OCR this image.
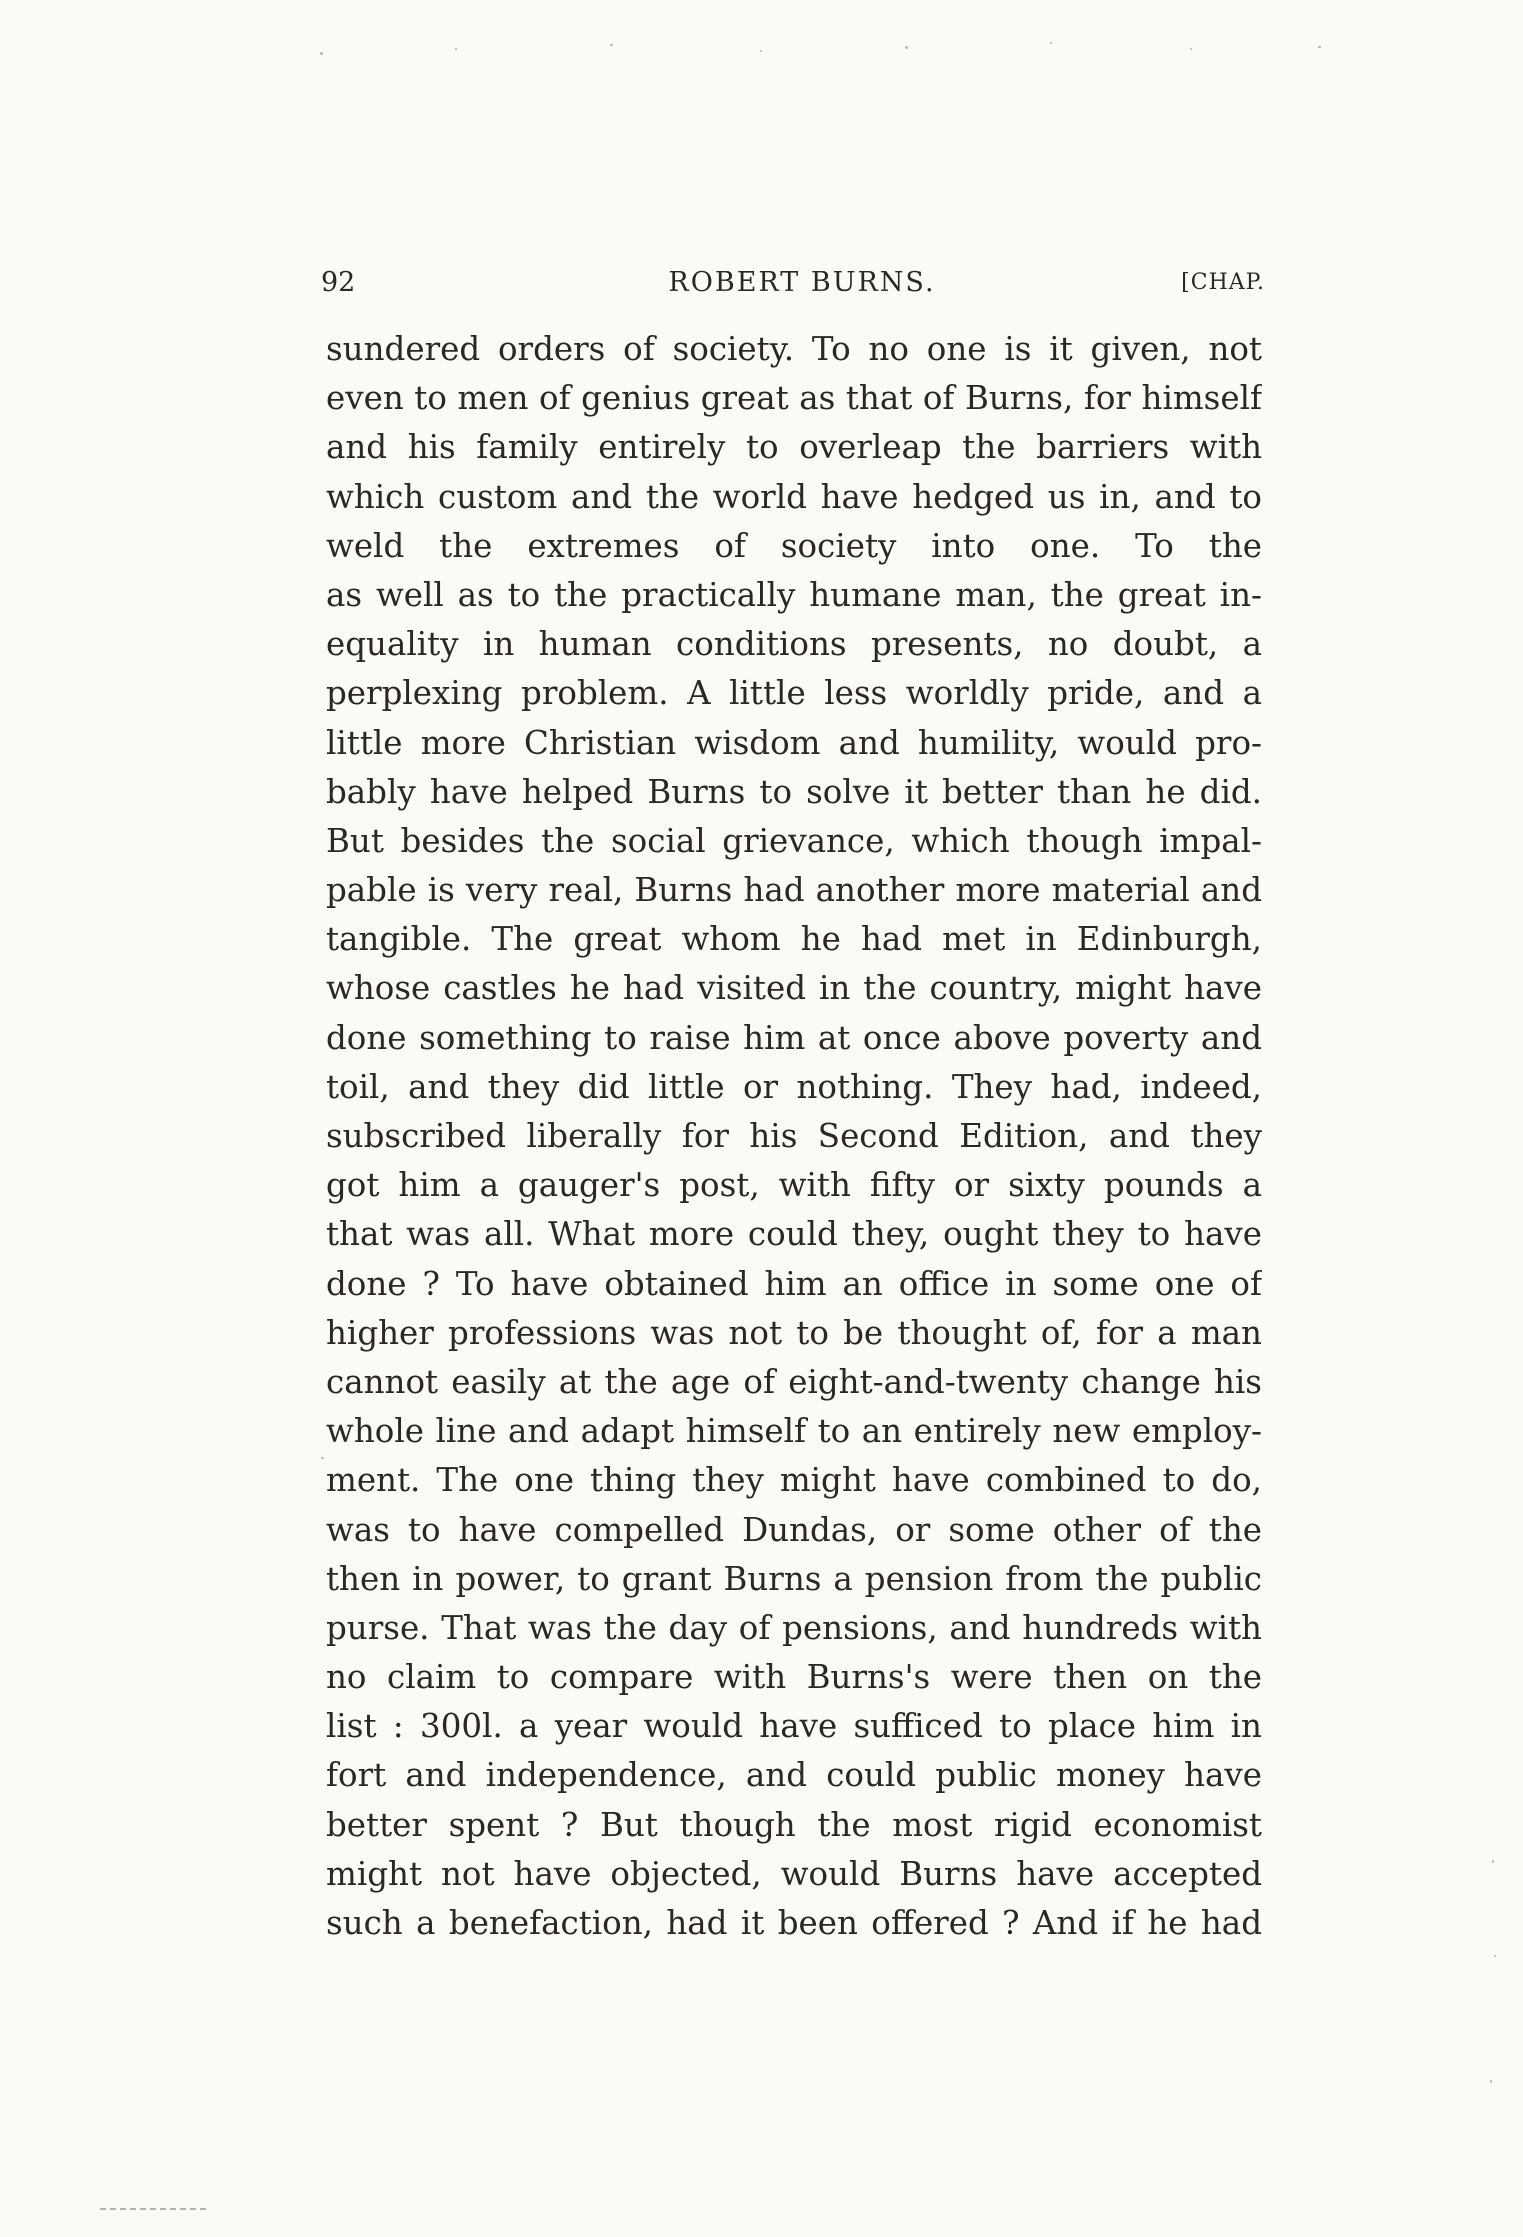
92	ROBERT BURNS.	[CHAP.
sundered orders of society. To no one is it given, not
even to men of genius great as that of Burns, for himself
and his family entirely to overleap the barriers with
which custom and the world have hedged us in, and to
weld the extremes of society into one. To the
as well as to the practically humane man, the great in-
equality in human conditions presents, no doubt, a
perplexing problem. A little less worldly pride, and a
little more Christian wisdom and humility, would pro-
bably have helped Burns to solve it better than he did.
But besides the social grievance, which though impal-
pable is very real, Burns had another more material and
tangible. The great whom he had met in Edinburgh,
whose castles he had visited in the country, might have
done something to raise him at once above poverty and
toil, and they did little or nothing. They had, indeed,
subscribed liberally for his Second Edition, and they
got him a gauger's post, with fifty or sixty pounds a
that was all. What more could they, ought they to have
done ? To have obtained him an office in some one of
higher professions was not to be thought of, for a man
cannot easily at the age of eight-and-twenty change his
whole line and adapt himself to an entirely new employ-
ment. The one thing they might have combined to do,
was to have compelled Dundas, or some other of the
then in power, to grant Burns a pension from the public
purse. That was the day of pensions, and hundreds with
no claim to compare with Burns's were then on the
list : 300l. a year would have sufficed to place him in
fort and independence, and could public money have
better spent ? But though the most rigid economist
might not have objected, would Burns have accepted
such a benefaction, had it been offered ? And if he had
